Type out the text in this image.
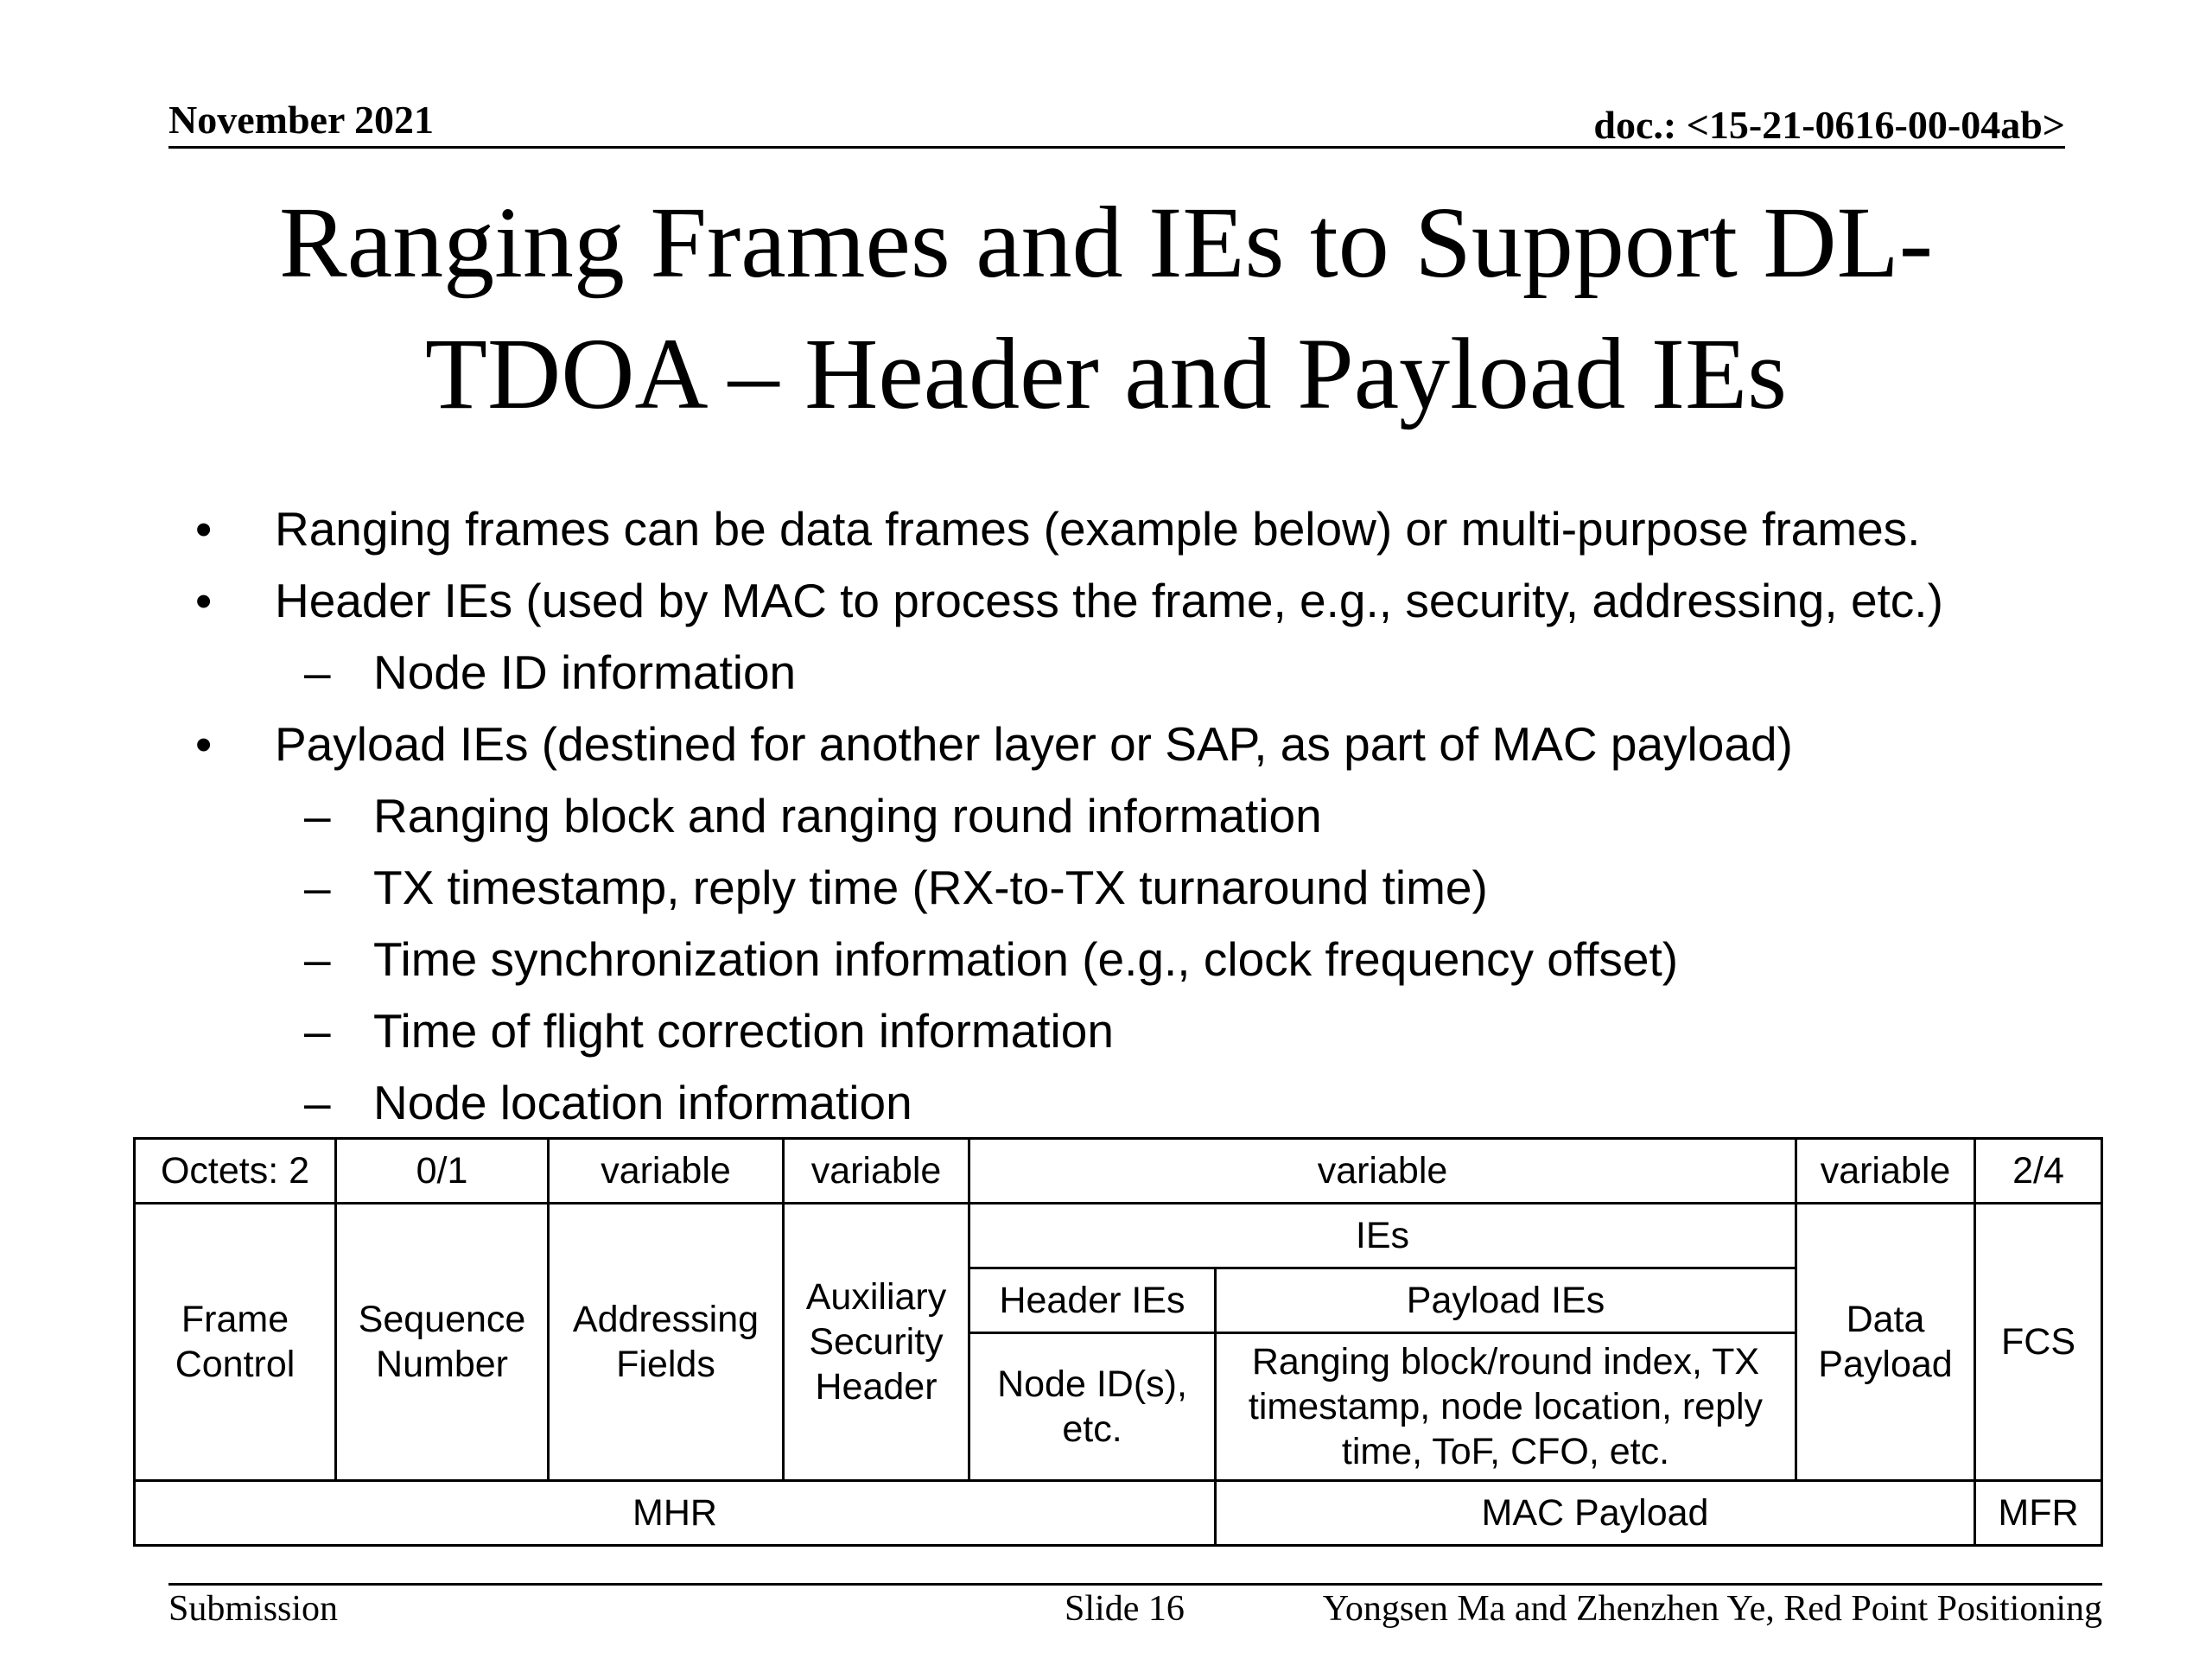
November 2021	doc.: <15-21-0616-00-04ab>
Ranging Frames and IEs to Support DL-
TDOA – Header and Payload IEs
• Ranging frames can be data frames (example below) or multi-purpose frames.
• Header IEs (used by MAC to process the frame, e.g., security, addressing, etc.)
– Node ID information
• Payload IEs (destined for another layer or SAP, as part of MAC payload)
– Ranging block and ranging round information
– TX timestamp, reply time (RX-to-TX turnaround time)
– Time synchronization information (e.g., clock frequency offset)
– Time of flight correction information
– Node location information
Octets: 2	0/1	variable	variable	variable		variable	2/4
Frame Control	Sequence Number	Addressing Fields	Auxiliary Security Header	IEs		Data Payload	FCS
				Header IEs	Payload IEs		
				Node ID(s), etc.	Ranging block/round index, TX timestamp, node location, reply time, ToF, CFO, etc.		
MHR					MAC Payload		MFR
Submission	Slide 16	Yongsen Ma and Zhenzhen Ye, Red Point Positioning
